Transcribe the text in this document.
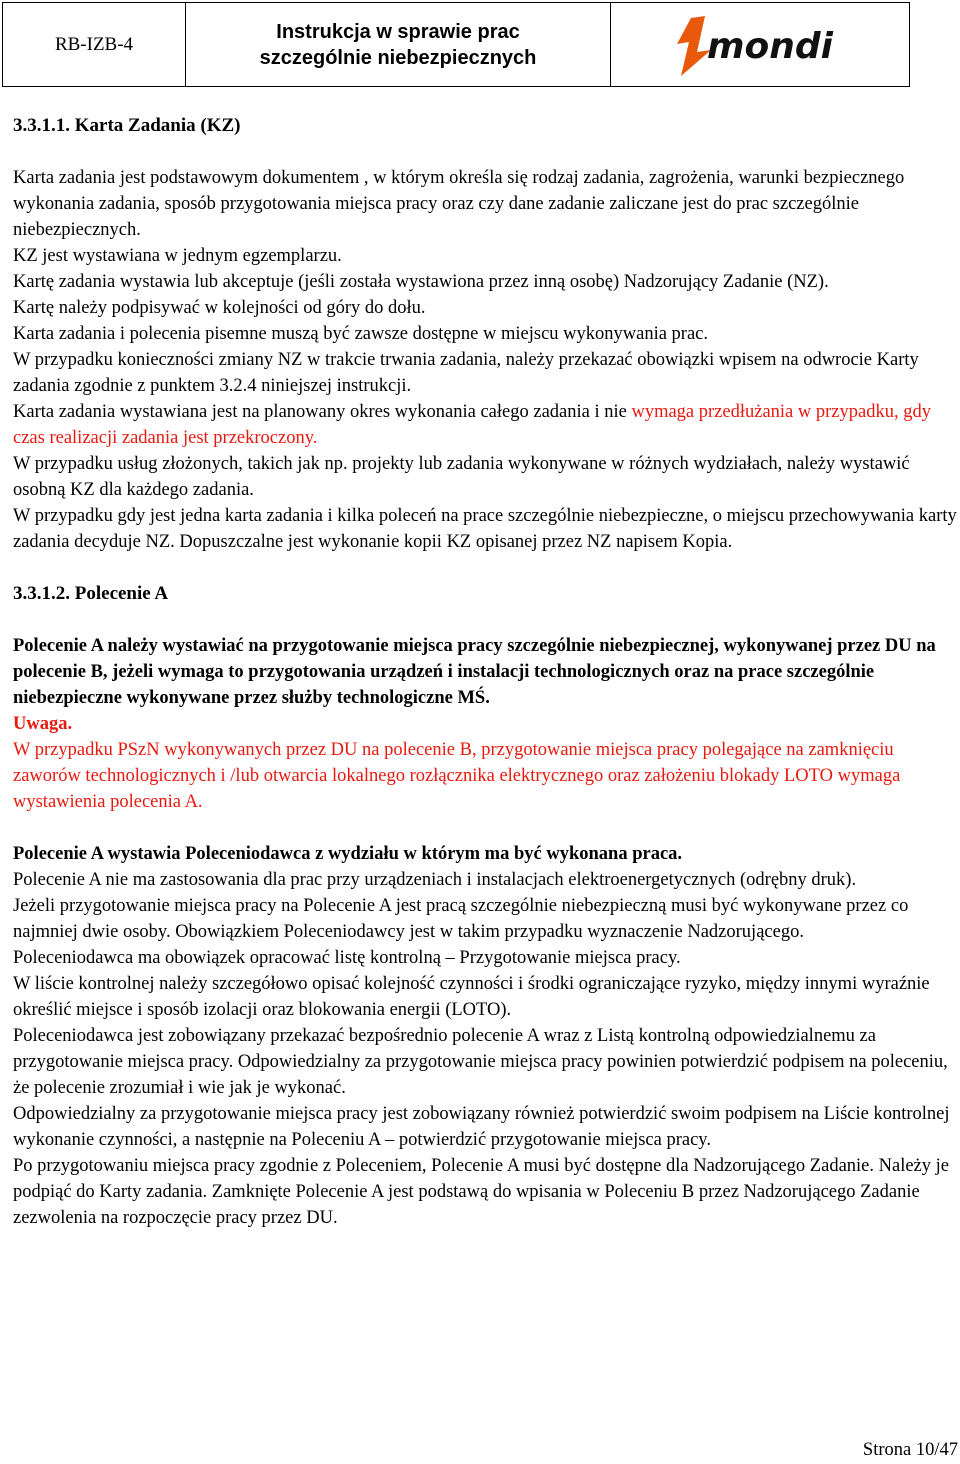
RB-IZB-4
Instrukcja w sprawie prac
szczególnie niebezpiecznych	mondi

3.3.1.1. Karta Zadania (KZ)

Karta zadania jest podstawowym dokumentem , w którym określa się rodzaj zadania, zagrożenia, warunki bezpiecznego wykonania zadania, sposób przygotowania miejsca pracy oraz czy dane zadanie zaliczane jest do prac szczególnie niebezpiecznych.

KZ jest wystawiana w jednym egzemplarzu.

Kartę zadania wystawia lub akceptuje (jeśli została wystawiona przez inną osobę) Nadzorujący Zadanie (NZ).

Kartę należy podpisywać w kolejności od góry do dołu.

Karta zadania i polecenia pisemne muszą być zawsze dostępne w miejscu wykonywania prac.

W przypadku konieczności zmiany NZ w trakcie trwania zadania, należy przekazać obowiązki wpisem na odwrocie Karty zadania zgodnie z punktem 3.2.4 niniejszej instrukcji.

Karta zadania wystawiana jest na planowany okres wykonania całego zadania i nie wymaga przedłużania w przypadku, gdy czas realizacji zadania jest przekroczony.

W przypadku usług złożonych, takich jak np. projekty lub zadania wykonywane w różnych wydziałach, należy wystawić osobną KZ dla każdego zadania.

W przypadku gdy jest jedna karta zadania i kilka poleceń na prace szczególnie niebezpieczne, o miejscu przechowywania karty zadania decyduje NZ. Dopuszczalne jest wykonanie kopii KZ opisanej przez NZ napisem Kopia.

3.3.1.2. Polecenie A

Polecenie A należy wystawiać na przygotowanie miejsca pracy szczególnie niebezpiecznej, wykonywanej przez DU na polecenie B, jeżeli wymaga to przygotowania urządzeń i instalacji technologicznych oraz na prace szczególnie niebezpieczne wykonywane przez służby technologiczne MŚ.

Uwaga.

W przypadku PSzN wykonywanych przez DU na polecenie B, przygotowanie miejsca pracy polegające na zamknięciu zaworów technologicznych i /lub otwarcia lokalnego rozłącznika elektrycznego oraz założeniu blokady LOTO wymaga wystawienia polecenia A.

Polecenie A wystawia Poleceniodawca z wydziału w którym ma być wykonana praca.

Polecenie A nie ma zastosowania dla prac przy urządzeniach i instalacjach elektroenergetycznych (odrębny druk).

Jeżeli przygotowanie miejsca pracy na Polecenie A jest pracą szczególnie niebezpieczną musi być wykonywane przez co najmniej dwie osoby. Obowiązkiem Poleceniodawcy jest w takim przypadku wyznaczenie Nadzorującego.

Poleceniodawca ma obowiązek opracować listę kontrolną – Przygotowanie miejsca pracy.

W liście kontrolnej należy szczegółowo opisać kolejność czynności i środki ograniczające ryzyko, między innymi wyraźnie określić miejsce i sposób izolacji oraz blokowania energii (LOTO).

Poleceniodawca jest zobowiązany przekazać bezpośrednio polecenie A wraz z Listą kontrolną odpowiedzialnemu za przygotowanie miejsca pracy. Odpowiedzialny za przygotowanie miejsca pracy powinien potwierdzić podpisem na poleceniu, że polecenie zrozumiał i wie jak je wykonać.

Odpowiedzialny za przygotowanie miejsca pracy jest zobowiązany również potwierdzić swoim podpisem na Liście kontrolnej wykonanie czynności, a następnie na Poleceniu A – potwierdzić przygotowanie miejsca pracy.

Po przygotowaniu miejsca pracy zgodnie z Poleceniem, Polecenie A musi być dostępne dla Nadzorującego Zadanie. Należy je podpiąć do Karty zadania. Zamknięte Polecenie A jest podstawą do wpisania w Poleceniu B przez Nadzorującego Zadanie zezwolenia na rozpoczęcie pracy przez DU.

Strona 10/47
